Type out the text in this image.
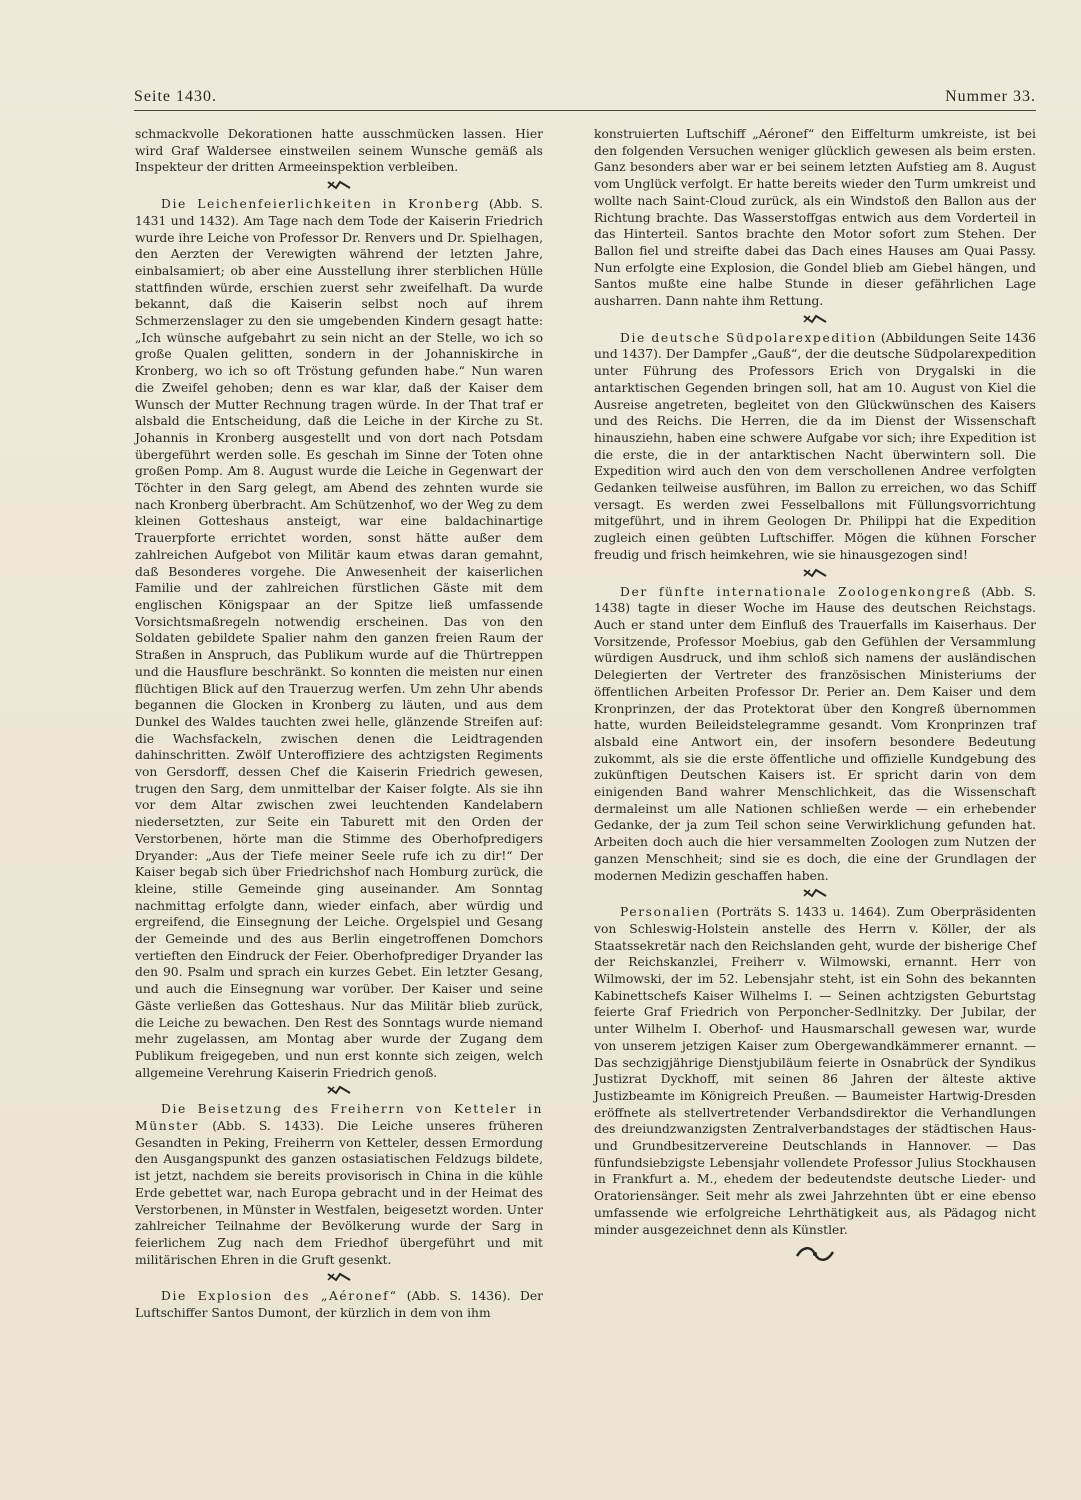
Seite 1430.	Nummer 33.

schmackvolle Dekorationen hatte ausschmücken lassen. Hier wird Graf Waldersee einstweilen seinem Wunsche gemäß als Inspekteur der dritten Armeeinspektion verbleiben.

Die Leichenfeierlichkeiten in Kronberg (Abb. S. 1431 und 1432). Am Tage nach dem Tode der Kaiserin Friedrich wurde ihre Leiche von Professor Dr. Renvers und Dr. Spielhagen, den Aerzten der Verewigten während der letzten Jahre, einbalsamiert; ob aber eine Ausstellung ihrer sterblichen Hülle stattfinden würde, erschien zuerst sehr zweifelhaft. Da wurde bekannt, daß die Kaiserin selbst noch auf ihrem Schmerzenslager zu den sie umgebenden Kindern gesagt hatte: „Ich wünsche aufgebahrt zu sein nicht an der Stelle, wo ich so große Qualen gelitten, sondern in der Johanniskirche in Kronberg, wo ich so oft Tröstung gefunden habe.“ Nun waren die Zweifel gehoben; denn es war klar, daß der Kaiser dem Wunsch der Mutter Rechnung tragen würde. In der That traf er alsbald die Entscheidung, daß die Leiche in der Kirche zu St. Johannis in Kronberg ausgestellt und von dort nach Potsdam übergeführt werden solle. Es geschah im Sinne der Toten ohne großen Pomp. Am 8. August wurde die Leiche in Gegenwart der Töchter in den Sarg gelegt, am Abend des zehnten wurde sie nach Kronberg überbracht. Am Schützenhof, wo der Weg zu dem kleinen Gotteshaus ansteigt, war eine baldachinartige Trauerpforte errichtet worden, sonst hätte außer dem zahlreichen Aufgebot von Militär kaum etwas daran gemahnt, daß Besonderes vorgehe. Die Anwesenheit der kaiserlichen Familie und der zahlreichen fürstlichen Gäste mit dem englischen Königspaar an der Spitze ließ umfassende Vorsichtsmaßregeln notwendig erscheinen. Das von den Soldaten gebildete Spalier nahm den ganzen freien Raum der Straßen in Anspruch, das Publikum wurde auf die Thürtreppen und die Hausflure beschränkt. So konnten die meisten nur einen flüchtigen Blick auf den Trauerzug werfen. Um zehn Uhr abends begannen die Glocken in Kronberg zu läuten, und aus dem Dunkel des Waldes tauchten zwei helle, glänzende Streifen auf: die Wachsfackeln, zwischen denen die Leidtragenden dahinschritten. Zwölf Unteroffiziere des achtzigsten Regiments von Gersdorff, dessen Chef die Kaiserin Friedrich gewesen, trugen den Sarg, dem unmittelbar der Kaiser folgte. Als sie ihn vor dem Altar zwischen zwei leuchtenden Kandelabern niedersetzten, zur Seite ein Taburett mit den Orden der Verstorbenen, hörte man die Stimme des Oberhofpredigers Dryander: „Aus der Tiefe meiner Seele rufe ich zu dir!“ Der Kaiser begab sich über Friedrichshof nach Homburg zurück, die kleine, stille Gemeinde ging auseinander. Am Sonntag nachmittag erfolgte dann, wieder einfach, aber würdig und ergreifend, die Einsegnung der Leiche. Orgelspiel und Gesang der Gemeinde und des aus Berlin eingetroffenen Domchors vertieften den Eindruck der Feier. Oberhofprediger Dryander las den 90. Psalm und sprach ein kurzes Gebet. Ein letzter Gesang, und auch die Einsegnung war vorüber. Der Kaiser und seine Gäste verließen das Gotteshaus. Nur das Militär blieb zurück, die Leiche zu bewachen. Den Rest des Sonntags wurde niemand mehr zugelassen, am Montag aber wurde der Zugang dem Publikum freigegeben, und nun erst konnte sich zeigen, welch allgemeine Verehrung Kaiserin Friedrich genoß.

Die Beisetzung des Freiherrn von Ketteler in Münster (Abb. S. 1433). Die Leiche unseres früheren Gesandten in Peking, Freiherrn von Ketteler, dessen Ermordung den Ausgangspunkt des ganzen ostasiatischen Feldzugs bildete, ist jetzt, nachdem sie bereits provisorisch in China in die kühle Erde gebettet war, nach Europa gebracht und in der Heimat des Verstorbenen, in Münster in Westfalen, beigesetzt worden. Unter zahlreicher Teilnahme der Bevölkerung wurde der Sarg in feierlichem Zug nach dem Friedhof übergeführt und mit militärischen Ehren in die Gruft gesenkt.

Die Explosion des „Aéronef“ (Abb. S. 1436). Der Luftschiffer Santos Dumont, der kürzlich in dem von ihm

konstruierten Luftschiff „Aéronef“ den Eiffelturm umkreiste, ist bei den folgenden Versuchen weniger glücklich gewesen als beim ersten. Ganz besonders aber war er bei seinem letzten Aufstieg am 8. August vom Unglück verfolgt. Er hatte bereits wieder den Turm umkreist und wollte nach Saint-Cloud zurück, als ein Windstoß den Ballon aus der Richtung brachte. Das Wasserstoffgas entwich aus dem Vorderteil in das Hinterteil. Santos brachte den Motor sofort zum Stehen. Der Ballon fiel und streifte dabei das Dach eines Hauses am Quai Passy. Nun erfolgte eine Explosion, die Gondel blieb am Giebel hängen, und Santos mußte eine halbe Stunde in dieser gefährlichen Lage ausharren. Dann nahte ihm Rettung.

Die deutsche Südpolarexpedition (Abbildungen Seite 1436 und 1437). Der Dampfer „Gauß“, der die deutsche Südpolarexpedition unter Führung des Professors Erich von Drygalski in die antarktischen Gegenden bringen soll, hat am 10. August von Kiel die Ausreise angetreten, begleitet von den Glückwünschen des Kaisers und des Reichs. Die Herren, die da im Dienst der Wissenschaft hinausziehn, haben eine schwere Aufgabe vor sich; ihre Expedition ist die erste, die in der antarktischen Nacht überwintern soll. Die Expedition wird auch den von dem verschollenen Andree verfolgten Gedanken teilweise ausführen, im Ballon zu erreichen, wo das Schiff versagt. Es werden zwei Fesselballons mit Füllungsvorrichtung mitgeführt, und in ihrem Geologen Dr. Philippi hat die Expedition zugleich einen geübten Luftschiffer. Mögen die kühnen Forscher freudig und frisch heimkehren, wie sie hinausgezogen sind!

Der fünfte internationale Zoologenkongreß (Abb. S. 1438) tagte in dieser Woche im Hause des deutschen Reichstags. Auch er stand unter dem Einfluß des Trauerfalls im Kaiserhaus. Der Vorsitzende, Professor Moebius, gab den Gefühlen der Versammlung würdigen Ausdruck, und ihm schloß sich namens der ausländischen Delegierten der Vertreter des französischen Ministeriums der öffentlichen Arbeiten Professor Dr. Perier an. Dem Kaiser und dem Kronprinzen, der das Protektorat über den Kongreß übernommen hatte, wurden Beileidstelegramme gesandt. Vom Kronprinzen traf alsbald eine Antwort ein, der insofern besondere Bedeutung zukommt, als sie die erste öffentliche und offizielle Kundgebung des zukünftigen Deutschen Kaisers ist. Er spricht darin von dem einigenden Band wahrer Menschlichkeit, das die Wissenschaft dermaleinst um alle Nationen schließen werde — ein erhebender Gedanke, der ja zum Teil schon seine Verwirklichung gefunden hat. Arbeiten doch auch die hier versammelten Zoologen zum Nutzen der ganzen Menschheit; sind sie es doch, die eine der Grundlagen der modernen Medizin geschaffen haben.

Personalien (Porträts S. 1433 u. 1464). Zum Oberpräsidenten von Schleswig-Holstein anstelle des Herrn v. Köller, der als Staatssekretär nach den Reichslanden geht, wurde der bisherige Chef der Reichskanzlei, Freiherr v. Wilmowski, ernannt. Herr von Wilmowski, der im 52. Lebensjahr steht, ist ein Sohn des bekannten Kabinettschefs Kaiser Wilhelms I. — Seinen achtzigsten Geburtstag feierte Graf Friedrich von Perponcher-Sedlnitzky. Der Jubilar, der unter Wilhelm I. Oberhof- und Hausmarschall gewesen war, wurde von unserem jetzigen Kaiser zum Obergewandkämmerer ernannt. — Das sechzigjährige Dienstjubiläum feierte in Osnabrück der Syndikus Justizrat Dyckhoff, mit seinen 86 Jahren der älteste aktive Justizbeamte im Königreich Preußen. — Baumeister Hartwig-Dresden eröffnete als stellvertretender Verbandsdirektor die Verhandlungen des dreiundzwanzigsten Zentralverbandstages der städtischen Haus- und Grundbesitzervereine Deutschlands in Hannover. — Das fünfundsiebzigste Lebensjahr vollendete Professor Julius Stockhausen in Frankfurt a. M., ehedem der bedeutendste deutsche Lieder- und Oratoriensänger. Seit mehr als zwei Jahrzehnten übt er eine ebenso umfassende wie erfolgreiche Lehrthätigkeit aus, als Pädagog nicht minder ausgezeichnet denn als Künstler.
